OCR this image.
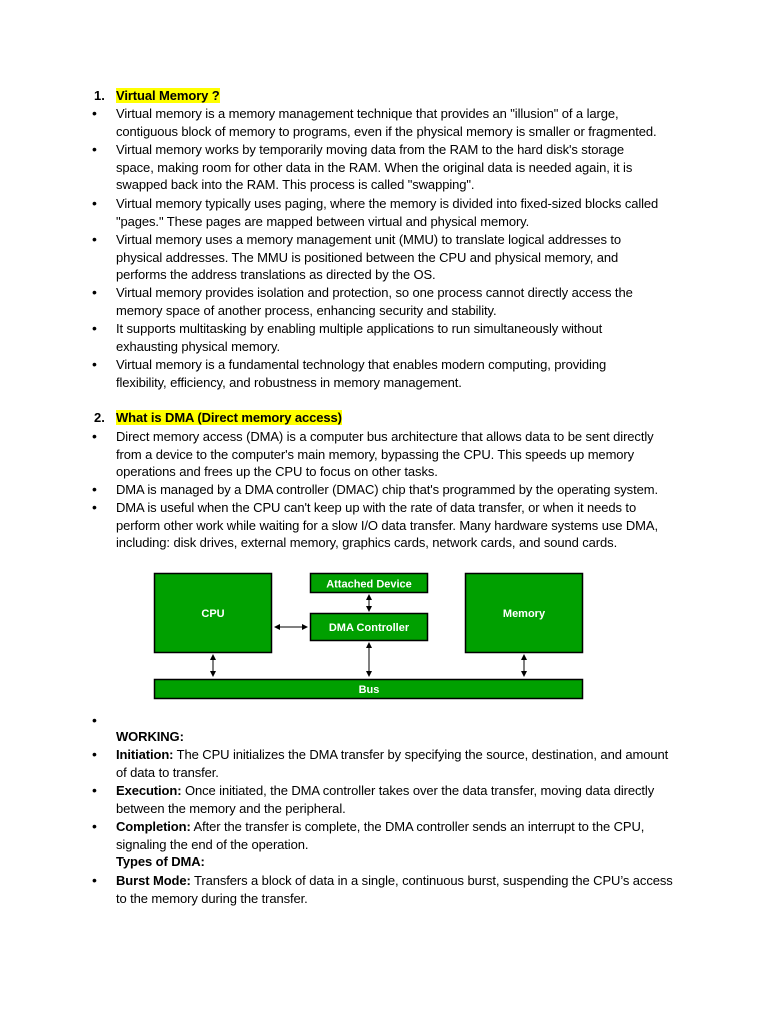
1. Virtual Memory ?
•
Virtual memory is a memory management technique that provides an "illusion" of a large,
contiguous block of memory to programs, even if the physical memory is smaller or fragmented.
•
Virtual memory works by temporarily moving data from the RAM to the hard disk's storage
space, making room for other data in the RAM. When the original data is needed again, it is
swapped back into the RAM. This process is called "swapping".
•
Virtual memory typically uses paging, where the memory is divided into fixed-sized blocks called
"pages." These pages are mapped between virtual and physical memory.
•
Virtual memory uses a memory management unit (MMU) to translate logical addresses to
physical addresses. The MMU is positioned between the CPU and physical memory, and
performs the address translations as directed by the OS.
•
Virtual memory provides isolation and protection, so one process cannot directly access the
memory space of another process, enhancing security and stability.
•
It supports multitasking by enabling multiple applications to run simultaneously without
exhausting physical memory.
•
Virtual memory is a fundamental technology that enables modern computing, providing
flexibility, efficiency, and robustness in memory management.
2. What is DMA (Direct memory access)
•
Direct memory access (DMA) is a computer bus architecture that allows data to be sent directly
from a device to the computer's main memory, bypassing the CPU. This speeds up memory
operations and frees up the CPU to focus on other tasks.
•
DMA is managed by a DMA controller (DMAC) chip that's programmed by the operating system.
•
DMA is useful when the CPU can't keep up with the rate of data transfer, or when it needs to
perform other work while waiting for a slow I/O data transfer. Many hardware systems use DMA,
including: disk drives, external memory, graphics cards, network cards, and sound cards.
CPU
Attached Device
DMA Controller
Memory
Bus
•
WORKING:
•
Initiation: The CPU initializes the DMA transfer by specifying the source, destination, and amount
of data to transfer.
•
Execution: Once initiated, the DMA controller takes over the data transfer, moving data directly
between the memory and the peripheral.
•
Completion: After the transfer is complete, the DMA controller sends an interrupt to the CPU,
signaling the end of the operation.
Types of DMA:
•
Burst Mode: Transfers a block of data in a single, continuous burst, suspending the CPU’s access
to the memory during the transfer.
